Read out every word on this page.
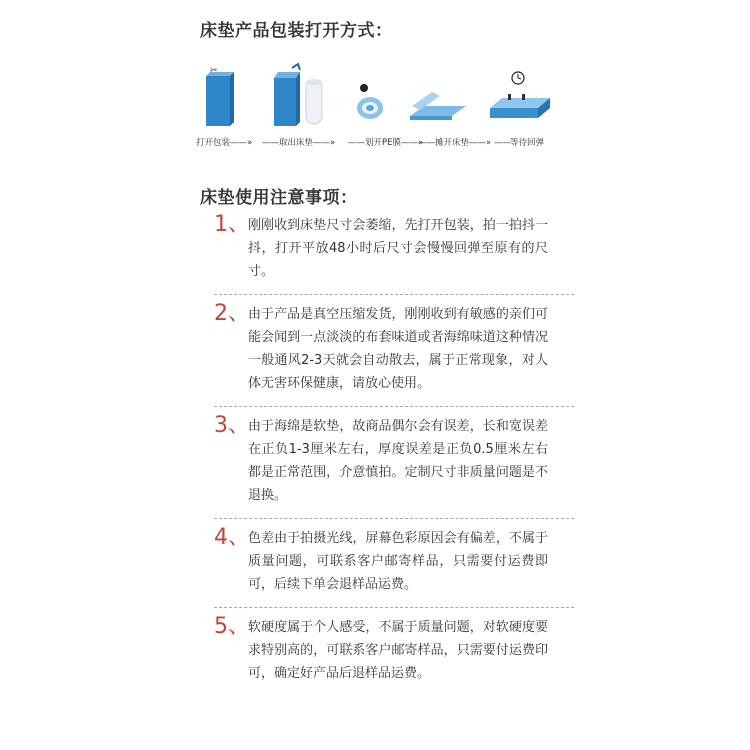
床垫产品包装打开方式：
✂
打开包装——» ——取出床垫——» ——划开PE膜——»——摊开床垫——» ——等待回弹
床垫使用注意事项：
1、
刚刚收到床垫尺寸会萎缩，先打开包装，拍一拍抖一抖，打开平放48小时后尺寸会慢慢回弹至原有的尺寸。
2、
由于产品是真空压缩发货，刚刚收到有敏感的亲们可能会闻到一点淡淡的布套味道或者海绵味道这种情况一般通风2-3天就会自动散去，属于正常现象，对人体无害环保健康，请放心使用。
3、
由于海绵是软垫，故商品偶尔会有误差，长和宽误差在正负1-3厘米左右，厚度误差是正负0.5厘米左右都是正常范围，介意慎拍。定制尺寸非质量问题是不退换。
4、
色差由于拍摄光线，屏幕色彩原因会有偏差，不属于质量问题，可联系客户邮寄样品，只需要付运费即可，后续下单会退样品运费。
5、
软硬度属于个人感受，不属于质量问题，对软硬度要求特别高的，可联系客户邮寄样品，只需要付运费印可，确定好产品后退样品运费。
